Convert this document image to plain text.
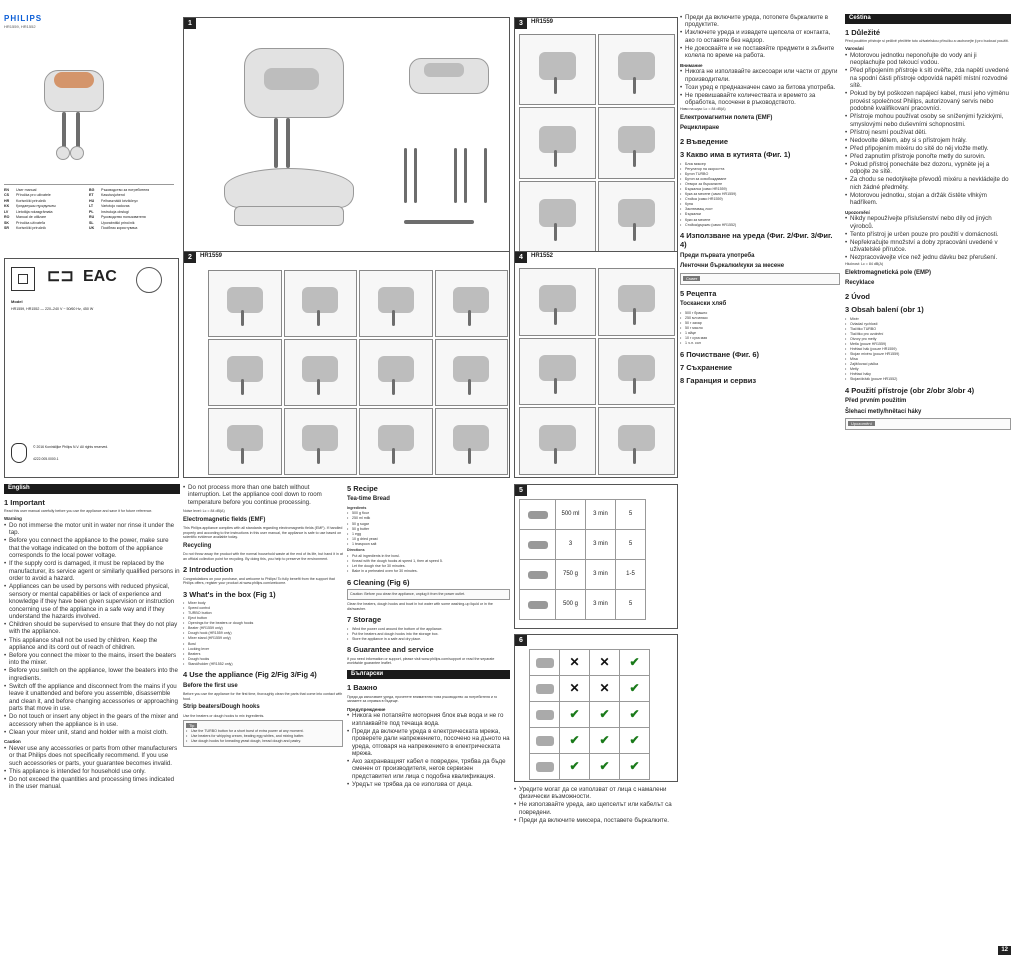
PHILIPS
HR1559, HR1552
EN	User manual	BG	Ръководство за потребителя
CS	Příručka pro uživatele	ET	Kasutusjuhend
HR	Korisnički priručnik	HU	Felhasználói kézikönyv
KK	Қолданушы нұсқаулығы	LT	Vartotojo vadovas
LV	Lietotāja rokasgrāmata	PL	Instrukcja obsługi
RO	Manual de utilizare	RU	Руководство пользователя
SK	Príručka užívateľa	SL	Uporabniški priročnik
SR	Korisnički priručnik	UK	Посібник користувача
1
2	HR1559
3	HR1559
4	HR1552
⊏⊐ EAC
Model
HR1559, HR1552 — 220–240 V ~ 50/60 Hz, 450 W
© 2016 Koninklijke Philips N.V. All rights reserved.
4222.005.0000.1
English
1 Important
Read this user manual carefully before you use the appliance and save it for future reference.
Warning
• Do not immerse the motor unit in water nor rinse it under the tap.
• Before you connect the appliance to the power, make sure that the voltage indicated on the bottom of the appliance corresponds to the local power voltage.
• If the supply cord is damaged, it must be replaced by the manufacturer, its service agent or similarly qualified persons in order to avoid a hazard.
• Appliances can be used by persons with reduced physical, sensory or mental capabilities or lack of experience and knowledge if they have been given supervision or instruction concerning use of the appliance in a safe way and if they understand the hazards involved.
• Children should be supervised to ensure that they do not play with the appliance.
• This appliance shall not be used by children. Keep the appliance and its cord out of reach of children.
• Before you connect the mixer to the mains, insert the beaters into the mixer.
• Before you switch on the appliance, lower the beaters into the ingredients.
• Switch off the appliance and disconnect from the mains if you leave it unattended and before you assemble, disassemble and clean it, and before changing accessories or approaching parts that move in use.
• Do not touch or insert any object in the gears of the mixer and accessory when the appliance is in use.
• Clean your mixer unit, stand and holder with a moist cloth.
Caution
• Never use any accessories or parts from other manufacturers or that Philips does not specifically recommend. If you use such accessories or parts, your guarantee becomes invalid.
• This appliance is intended for household use only.
• Do not exceed the quantities and processing times indicated in the user manual.
• Do not process more than one batch without interruption. Let the appliance cool down to room temperature before you continue processing.
Noise level: Lc = 84 dB(A)
Electromagnetic fields (EMF)
This Philips appliance complies with all standards regarding electromagnetic fields (EMF). If handled properly and according to the instructions in this user manual, the appliance is safe to use based on scientific evidence available today.
Recycling
Do not throw away the product with the normal household waste at the end of its life, but hand it in at an official collection point for recycling. By doing this, you help to preserve the environment.
2 Introduction
Congratulations on your purchase, and welcome to Philips! To fully benefit from the support that Philips offers, register your product at www.philips.com/welcome.
3 What's in the box (Fig 1)
• Mixer body
• Speed control
• TURBO button
• Eject button
• Openings for the beaters or dough hooks
• Beater (HR1559 only)
• Dough hook (HR1559 only)
• Mixer stand (HR1559 only)
• Bowl
• Locking lever
• Beaters
• Dough hooks
• Stand/holder (HR1552 only)
4 Use the appliance (Fig 2/Fig 3/Fig 4)
Before the first use
Before you use the appliance for the first time, thoroughly clean the parts that come into contact with food.
Strip beaters/Dough hooks
Use the beaters or dough hooks to mix ingredients.
Tip
• Use the TURBO button for a short burst of extra power at any moment.
• Use beaters for whipping cream, beating egg whites, and mixing batter.
• Use dough hooks for kneading yeast dough, bread dough and pastry.
5 Recipe
Tea-time Bread
Ingredients
• 500 g flour
• 250 ml milk
• 50 g sugar
• 50 g butter
• 1 egg
• 10 g dried yeast
• 1 teaspoon salt
Directions
• Put all ingredients in the bowl.
• Knead with the dough hooks at speed 1, then at speed 5.
• Let the dough rise for 30 minutes.
• Bake in a preheated oven for 30 minutes.
6 Cleaning (Fig 6)
Caution: Before you clean the appliance, unplug it from the power outlet.
Clean the beaters, dough hooks and bowl in hot water with some washing-up liquid or in the dishwasher.
7 Storage
• Wind the power cord around the bottom of the appliance.
• Put the beaters and dough hooks into the storage box.
• Store the appliance in a safe and dry place.
8 Guarantee and service
If you need information or support, please visit www.philips.com/support or read the separate worldwide guarantee leaflet.
Български
1 Важно
Преди да използвате уреда, прочетете внимателно това ръководство за потребителя и го запазете за справка в бъдеще.
Предупреждение
• Никога не потапяйте моторния блок във вода и не го изплаквайте под течаща вода.
• Преди да включите уреда в електрическата мрежа, проверете дали напрежението, посочено на дъното на уреда, отговаря на напрежението в електрическата мрежа.
• Ако захранващият кабел е повреден, трябва да бъде сменен от производителя, негов сервизен представител или лица с подобна квалификация.
• Уредът не трябва да се използва от деца.
5
	500 ml	3 min	5

	3	3 min	5

	750 g	3 min	1-5

	500 g	3 min	5
6
	✕	✕	✔

	✕	✕	✔

	✔	✔	✔

	✔	✔	✔

	✔	✔	✔
• Уредите могат да се използват от лица с намалени физически възможности.
• Не използвайте уреда, ако щепселът или кабелът са повредени.
• Преди да включите миксера, поставете бъркалките.
• Преди да включите уреда, потопете бъркалките в продуктите.
• Изключете уреда и извадете щепсела от контакта, ако го оставяте без надзор.
• Не докосвайте и не поставяйте предмети в зъбните колела по време на работа.
Внимание
• Никога не използвайте аксесоари или части от други производители.
• Този уред е предназначен само за битова употреба.
• Не превишавайте количествата и времето за обработка, посочени в ръководството.
Ниво на шум: Lc = 84 dB(A)
Електромагнитни полета (EMF)
Рециклиране
2 Въведение
3 Какво има в кутията (Фиг. 1)
• Блок миксер
• Регулатор на скоростта
• Бутон TURBO
• Бутон за освобождаване
• Отвори за бъркалките
• Бъркалка (само HR1559)
• Кука за месене (само HR1559)
• Стойка (само HR1559)
• Купа
• Заключващ лост
• Бъркалки
• Куки за месене
• Стойка/държач (само HR1552)
4 Използване на уреда (Фиг. 2/Фиг. 3/Фиг. 4)
Преди първата употреба
Ленточни бъркалки/куки за месене
Съвет
5 Рецепта
Тоскански хляб
• 500 г брашно
• 250 мл мляко
• 50 г захар
• 50 г масло
• 1 яйце
• 10 г суха мая
• 1 ч.л. сол
6 Почистване (Фиг. 6)
7 Съхранение
8 Гаранция и сервиз
Čeština
1 Důležité
Před použitím přístroje si pečlivě přečtěte tuto uživatelskou příručku a uschovejte ji pro budoucí použití.
Varování
• Motorovou jednotku neponořujte do vody ani ji neoplachujte pod tekoucí vodou.
• Před připojením přístroje k síti ověřte, zda napětí uvedené na spodní části přístroje odpovídá napětí místní rozvodné sítě.
• Pokud by byl poškozen napájecí kabel, musí jeho výměnu provést společnost Philips, autorizovaný servis nebo podobně kvalifikovaní pracovníci.
• Přístroje mohou používat osoby se sníženými fyzickými, smyslovými nebo duševními schopnostmi.
• Přístroj nesmí používat děti.
• Nedovolte dětem, aby si s přístrojem hrály.
• Před připojením mixéru do sítě do něj vložte metly.
• Před zapnutím přístroje ponořte metly do surovin.
• Pokud přístroj ponecháte bez dozoru, vypněte jej a odpojte ze sítě.
• Za chodu se nedotýkejte převodů mixéru a nevkládejte do nich žádné předměty.
• Motorovou jednotku, stojan a držák čistěte vlhkým hadříkem.
Upozornění
• Nikdy nepoužívejte příslušenství nebo díly od jiných výrobců.
• Tento přístroj je určen pouze pro použití v domácnosti.
• Nepřekračujte množství a doby zpracování uvedené v uživatelské příručce.
• Nezpracovávejte více než jednu dávku bez přerušení.
Hlučnost: Lc = 84 dB(A)
Elektromagnetická pole (EMP)
Recyklace
2 Úvod
3 Obsah balení (obr 1)
• Mixér
• Ovladač rychlosti
• Tlačítko TURBO
• Tlačítko pro uvolnění
• Otvory pro metly
• Metla (pouze HR1559)
• Hnětací hák (pouze HR1559)
• Stojan mixéru (pouze HR1559)
• Mísa
• Zajišťovací páčka
• Metly
• Hnětací háky
• Stojan/držák (pouze HR1552)
4 Použití přístroje (obr 2/obr 3/obr 4)
Před prvním použitím
Šlehací metly/hnětací háky
Upozornění
12
